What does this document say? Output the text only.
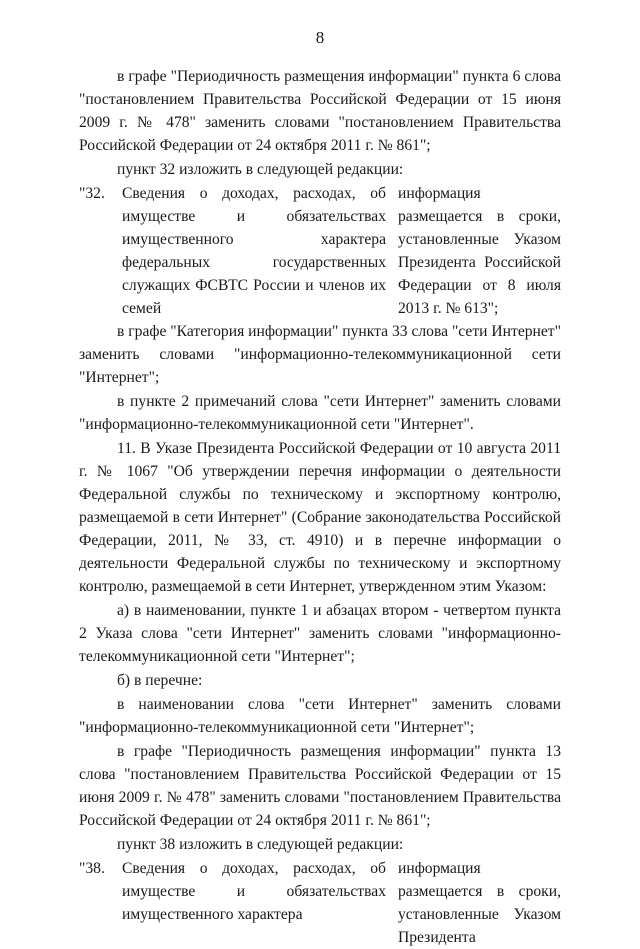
8

в графе "Периодичность размещения информации" пункта 6 слова "постановлением Правительства Российской Федерации от 15 июня 2009 г. № 478" заменить словами "постановлением Правительства Российской Федерации от 24 октября 2011 г. № 861";

пункт 32 изложить в следующей редакции:

"32.	Сведения о доходах, расходах, об имуществе и обязательствах имущественного характера федеральных государственных служащих ФСВТС России и членов их семей
информация размещается в сроки, установленные Указом Президента Российской Федерации от 8 июля 2013 г. № 613";

в графе "Категория информации" пункта 33 слова "сети Интернет" заменить словами "информационно-телекоммуникационной сети "Интернет";

в пункте 2 примечаний слова "сети Интернет" заменить словами "информационно-телекоммуникационной сети "Интернет".

11. В Указе Президента Российской Федерации от 10 августа 2011 г. № 1067 "Об утверждении перечня информации о деятельности Федеральной службы по техническому и экспортному контролю, размещаемой в сети Интернет" (Собрание законодательства Российской Федерации, 2011, № 33, ст. 4910) и в перечне информации о деятельности Федеральной службы по техническому и экспортному контролю, размещаемой в сети Интернет, утвержденном этим Указом:

а) в наименовании, пункте 1 и абзацах втором - четвертом пункта 2 Указа слова "сети Интернет" заменить словами "информационно-телекоммуникационной сети "Интернет";

б) в перечне:

в наименовании слова "сети Интернет" заменить словами "информационно-телекоммуникационной сети "Интернет";

в графе "Периодичность размещения информации" пункта 13 слова "постановлением Правительства Российской Федерации от 15 июня 2009 г. № 478" заменить словами "постановлением Правительства Российской Федерации от 24 октября 2011 г. № 861";

пункт 38 изложить в следующей редакции:

"38.	Сведения о доходах, расходах, об имуществе и обязательствах имущественного характера
информация размещается в сроки, установленные Указом Президента
